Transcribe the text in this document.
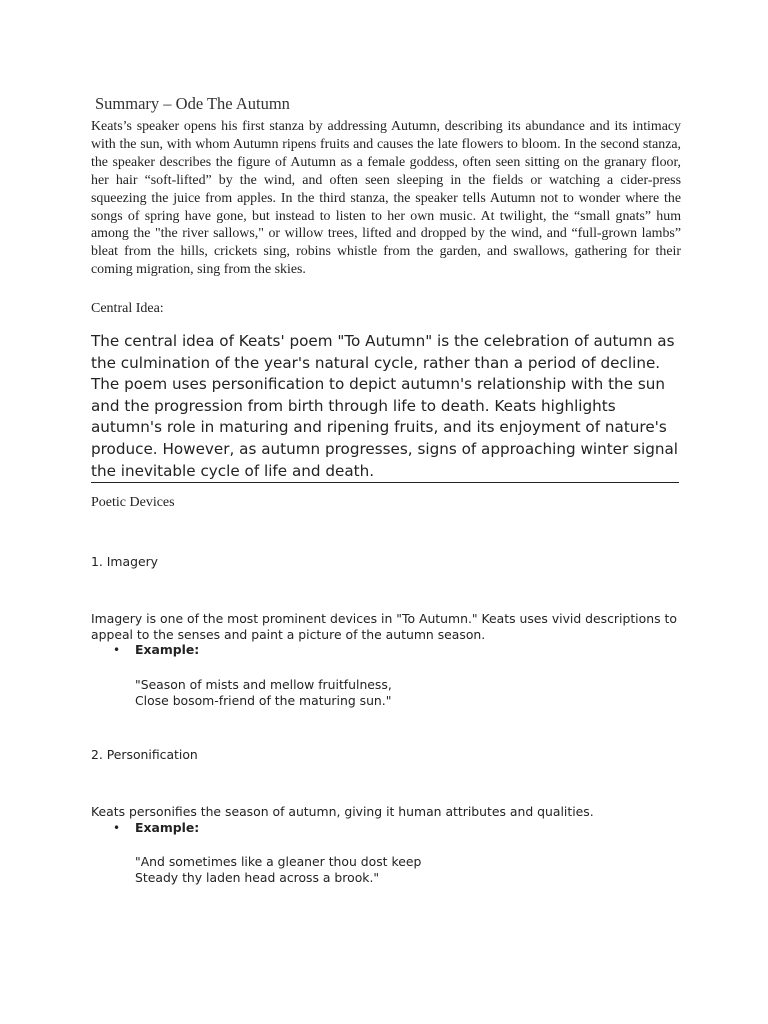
Summary – Ode The Autumn

Keats’s speaker opens his first stanza by addressing Autumn, describing its abundance and its intimacy with the sun, with whom Autumn ripens fruits and causes the late flowers to bloom. In the second stanza, the speaker describes the figure of Autumn as a female goddess, often seen sitting on the granary floor, her hair “soft-lifted” by the wind, and often seen sleeping in the fields or watching a cider-press squeezing the juice from apples. In the third stanza, the speaker tells Autumn not to wonder where the songs of spring have gone, but instead to listen to her own music. At twilight, the “small gnats” hum among the "the river sallows," or willow trees, lifted and dropped by the wind, and “full-grown lambs” bleat from the hills, crickets sing, robins whistle from the garden, and swallows, gathering for their coming migration, sing from the skies.

Central Idea:

The central idea of Keats' poem "To Autumn" is the celebration of autumn as the culmination of the year's natural cycle, rather than a period of decline. The poem uses personification to depict autumn's relationship with the sun and the progression from birth through life to death. Keats highlights autumn's role in maturing and ripening fruits, and its enjoyment of nature's produce. However, as autumn progresses, signs of approaching winter signal the inevitable cycle of life and death.

Poetic Devices

1. Imagery

Imagery is one of the most prominent devices in "To Autumn." Keats uses vivid descriptions to appeal to the senses and paint a picture of the autumn season.

• Example:

"Season of mists and mellow fruitfulness,
Close bosom-friend of the maturing sun."

2. Personification

Keats personifies the season of autumn, giving it human attributes and qualities.

• Example:

"And sometimes like a gleaner thou dost keep
Steady thy laden head across a brook."
